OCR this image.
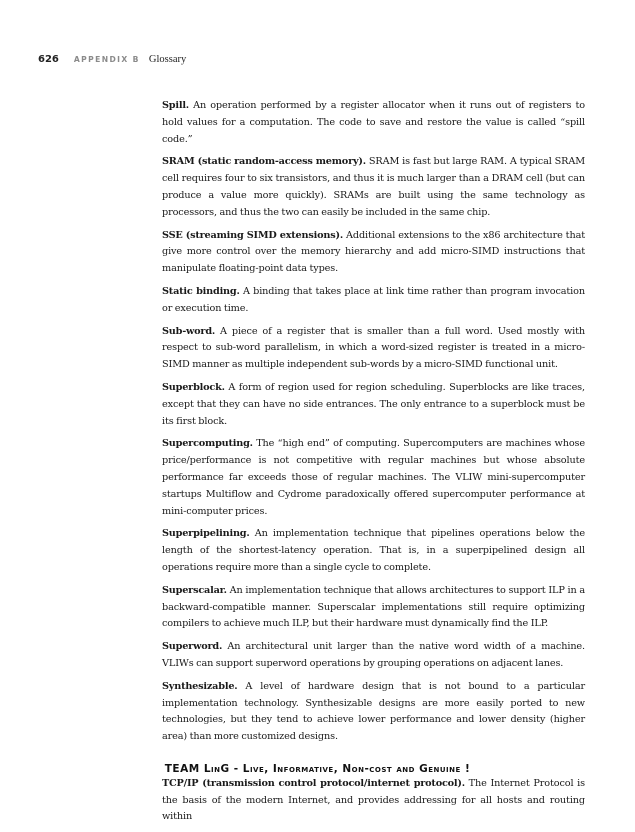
626 APPENDIX B Glossary

Spill. An operation performed by a register allocator when it runs out of registers to hold values for a computation. The code to save and restore the value is called “spill code.”

SRAM (static random-access memory). SRAM is fast but large RAM. A typical SRAM cell requires four to six transistors, and thus it is much larger than a DRAM cell (but can produce a value more quickly). SRAMs are built using the same technology as processors, and thus the two can easily be included in the same chip.

SSE (streaming SIMD extensions). Additional extensions to the x86 architecture that give more control over the memory hierarchy and add micro-SIMD instructions that manipulate floating-point data types.

Static binding. A binding that takes place at link time rather than program invocation or execution time.

Sub-word. A piece of a register that is smaller than a full word. Used mostly with respect to sub-word parallelism, in which a word-sized register is treated in a micro-SIMD manner as multiple independent sub-words by a micro-SIMD functional unit.

Superblock. A form of region used for region scheduling. Superblocks are like traces, except that they can have no side entrances. The only entrance to a superblock must be its first block.

Supercomputing. The “high end” of computing. Supercomputers are machines whose price/performance is not competitive with regular machines but whose absolute performance far exceeds those of regular machines. The VLIW mini-supercomputer startups Multiflow and Cydrome paradoxically offered supercomputer performance at mini-computer prices.

Superpipelining. An implementation technique that pipelines operations below the length of the shortest-latency operation. That is, in a superpipelined design all operations require more than a single cycle to complete.

Superscalar. An implementation technique that allows architectures to support ILP in a backward-compatible manner. Superscalar implementations still require optimizing compilers to achieve much ILP, but their hardware must dynamically find the ILP.

Superword. An architectural unit larger than the native word width of a machine. VLIWs can support superword operations by grouping operations on adjacent lanes.

Synthesizable. A level of hardware design that is not bound to a particular implementation technology. Synthesizable designs are more easily ported to new technologies, but they tend to achieve lower performance and lower density (higher area) than more customized designs.

TCP/IP (transmission control protocol/internet protocol). The Internet Protocol is the basis of the modern Internet, and provides addressing for all hosts and routing within

TEAM LinG - Live, Informative, Non-cost and Genuine !
